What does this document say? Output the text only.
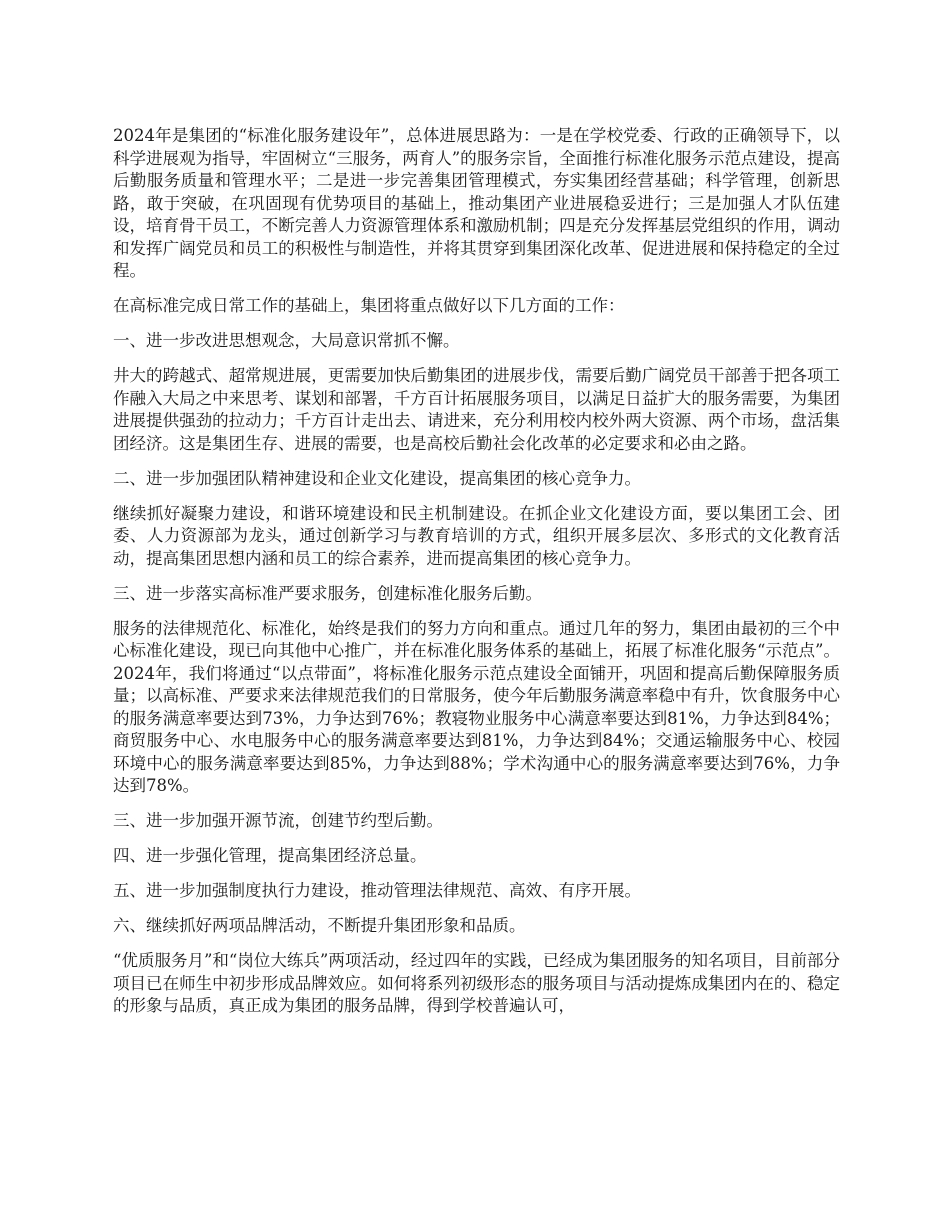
2024年是集团的“标准化服务建设年”，总体进展思路为：一是在学校党委、行政的正确领导下，以科学进展观为指导，牢固树立“三服务，两育人”的服务宗旨，全面推行标准化服务示范点建设，提高后勤服务质量和管理水平；二是进一步完善集团管理模式，夯实集团经营基础；科学管理，创新思路，敢于突破，在巩固现有优势项目的基础上，推动集团产业进展稳妥进行；三是加强人才队伍建设，培育骨干员工，不断完善人力资源管理体系和激励机制；四是充分发挥基层党组织的作用，调动和发挥广阔党员和员工的积极性与制造性，并将其贯穿到集团深化改革、促进进展和保持稳定的全过程。

在高标准完成日常工作的基础上，集团将重点做好以下几方面的工作：

一、进一步改进思想观念，大局意识常抓不懈。

井大的跨越式、超常规进展，更需要加快后勤集团的进展步伐，需要后勤广阔党员干部善于把各项工作融入大局之中来思考、谋划和部署，千方百计拓展服务项目，以满足日益扩大的服务需要，为集团进展提供强劲的拉动力；千方百计走出去、请进来，充分利用校内校外两大资源、两个市场，盘活集团经济。这是集团生存、进展的需要，也是高校后勤社会化改革的必定要求和必由之路。

二、进一步加强团队精神建设和企业文化建设，提高集团的核心竞争力。

继续抓好凝聚力建设，和谐环境建设和民主机制建设。在抓企业文化建设方面，要以集团工会、团委、人力资源部为龙头，通过创新学习与教育培训的方式，组织开展多层次、多形式的文化教育活动，提高集团思想内涵和员工的综合素养，进而提高集团的核心竞争力。

三、进一步落实高标准严要求服务，创建标准化服务后勤。

服务的法律规范化、标准化，始终是我们的努力方向和重点。通过几年的努力，集团由最初的三个中心标准化建设，现已向其他中心推广，并在标准化服务体系的基础上，拓展了标准化服务“示范点”。2024年，我们将通过“以点带面”，将标准化服务示范点建设全面铺开，巩固和提高后勤保障服务质量；以高标准、严要求来法律规范我们的日常服务，使今年后勤服务满意率稳中有升，饮食服务中心的服务满意率要达到73%，力争达到76%；教寝物业服务中心满意率要达到81%，力争达到84%；商贸服务中心、水电服务中心的服务满意率要达到81%，力争达到84%；交通运输服务中心、校园环境中心的服务满意率要达到85%，力争达到88%；学术沟通中心的服务满意率要达到76%，力争达到78%。

三、进一步加强开源节流，创建节约型后勤。

四、进一步强化管理，提高集团经济总量。

五、进一步加强制度执行力建设，推动管理法律规范、高效、有序开展。

六、继续抓好两项品牌活动，不断提升集团形象和品质。

“优质服务月”和“岗位大练兵”两项活动，经过四年的实践，已经成为集团服务的知名项目，目前部分项目已在师生中初步形成品牌效应。如何将系列初级形态的服务项目与活动提炼成集团内在的、稳定的形象与品质，真正成为集团的服务品牌，得到学校普遍认可，
